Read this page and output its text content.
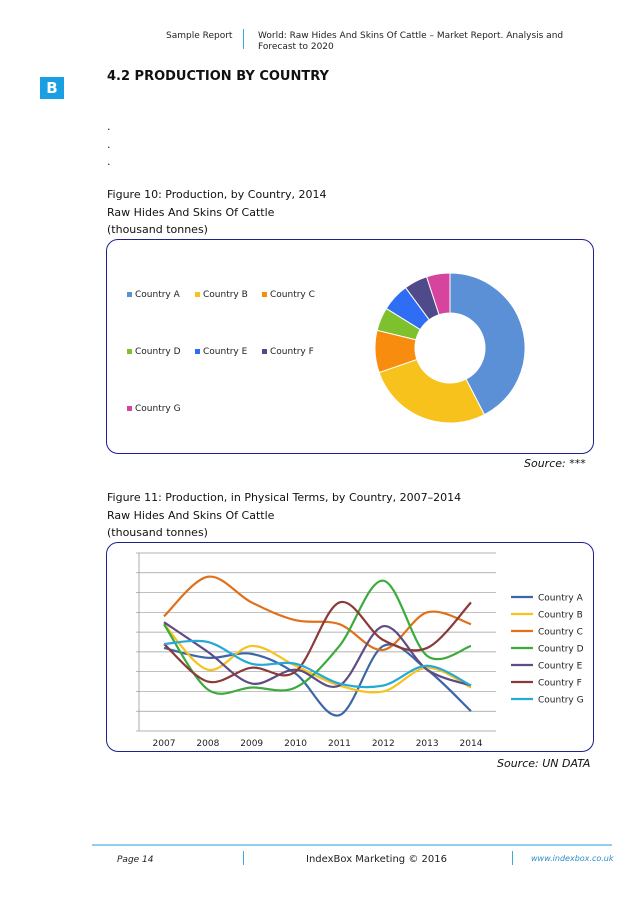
Sample Report	World: Raw Hides And Skins Of Cattle – Market Report. Analysis and Forecast to 2020
B
4.2 PRODUCTION BY COUNTRY
.
.
.
Figure 10: Production, by Country, 2014
Raw Hides And Skins Of Cattle
(thousand tonnes)
Country A	Country B	Country C
Country D	Country E	Country F
Country G
Source: ***
Figure 11: Production, in Physical Terms, by Country, 2007–2014
Raw Hides And Skins Of Cattle
(thousand tonnes)
2007 2008 2009 2010 2011 2012 2013 2014
Country A
Country B
Country C
Country D
Country E
Country F
Country G
Source: UN DATA
Page 14	IndexBox Marketing © 2016	www.indexbox.co.uk
